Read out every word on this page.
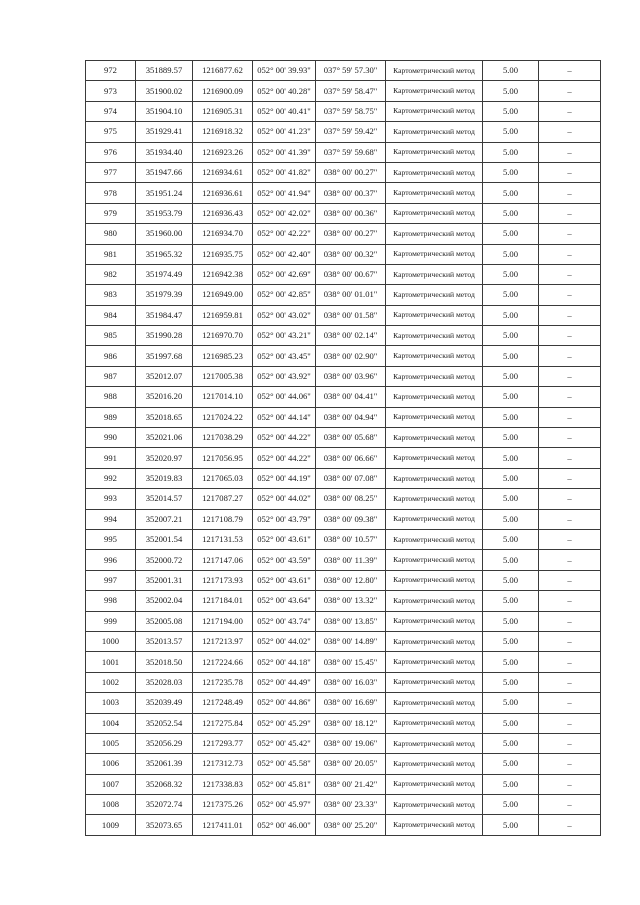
972	351889.57	1216877.62	052° 00' 39.93"	037° 59' 57.30"	Картометрический метод	5.00	–
973	351900.02	1216900.09	052° 00' 40.28"	037° 59' 58.47"	Картометрический метод	5.00	–
974	351904.10	1216905.31	052° 00' 40.41"	037° 59' 58.75"	Картометрический метод	5.00	–
975	351929.41	1216918.32	052° 00' 41.23"	037° 59' 59.42"	Картометрический метод	5.00	–
976	351934.40	1216923.26	052° 00' 41.39"	037° 59' 59.68"	Картометрический метод	5.00	–
977	351947.66	1216934.61	052° 00' 41.82"	038° 00' 00.27"	Картометрический метод	5.00	–
978	351951.24	1216936.61	052° 00' 41.94"	038° 00' 00.37"	Картометрический метод	5.00	–
979	351953.79	1216936.43	052° 00' 42.02"	038° 00' 00.36"	Картометрический метод	5.00	–
980	351960.00	1216934.70	052° 00' 42.22"	038° 00' 00.27"	Картометрический метод	5.00	–
981	351965.32	1216935.75	052° 00' 42.40"	038° 00' 00.32"	Картометрический метод	5.00	–
982	351974.49	1216942.38	052° 00' 42.69"	038° 00' 00.67"	Картометрический метод	5.00	–
983	351979.39	1216949.00	052° 00' 42.85"	038° 00' 01.01"	Картометрический метод	5.00	–
984	351984.47	1216959.81	052° 00' 43.02"	038° 00' 01.58"	Картометрический метод	5.00	–
985	351990.28	1216970.70	052° 00' 43.21"	038° 00' 02.14"	Картометрический метод	5.00	–
986	351997.68	1216985.23	052° 00' 43.45"	038° 00' 02.90"	Картометрический метод	5.00	–
987	352012.07	1217005.38	052° 00' 43.92"	038° 00' 03.96"	Картометрический метод	5.00	–
988	352016.20	1217014.10	052° 00' 44.06"	038° 00' 04.41"	Картометрический метод	5.00	–
989	352018.65	1217024.22	052° 00' 44.14"	038° 00' 04.94"	Картометрический метод	5.00	–
990	352021.06	1217038.29	052° 00' 44.22"	038° 00' 05.68"	Картометрический метод	5.00	–
991	352020.97	1217056.95	052° 00' 44.22"	038° 00' 06.66"	Картометрический метод	5.00	–
992	352019.83	1217065.03	052° 00' 44.19"	038° 00' 07.08"	Картометрический метод	5.00	–
993	352014.57	1217087.27	052° 00' 44.02"	038° 00' 08.25"	Картометрический метод	5.00	–
994	352007.21	1217108.79	052° 00' 43.79"	038° 00' 09.38"	Картометрический метод	5.00	–
995	352001.54	1217131.53	052° 00' 43.61"	038° 00' 10.57"	Картометрический метод	5.00	–
996	352000.72	1217147.06	052° 00' 43.59"	038° 00' 11.39"	Картометрический метод	5.00	–
997	352001.31	1217173.93	052° 00' 43.61"	038° 00' 12.80"	Картометрический метод	5.00	–
998	352002.04	1217184.01	052° 00' 43.64"	038° 00' 13.32"	Картометрический метод	5.00	–
999	352005.08	1217194.00	052° 00' 43.74"	038° 00' 13.85"	Картометрический метод	5.00	–
1000	352013.57	1217213.97	052° 00' 44.02"	038° 00' 14.89"	Картометрический метод	5.00	–
1001	352018.50	1217224.66	052° 00' 44.18"	038° 00' 15.45"	Картометрический метод	5.00	–
1002	352028.03	1217235.78	052° 00' 44.49"	038° 00' 16.03"	Картометрический метод	5.00	–
1003	352039.49	1217248.49	052° 00' 44.86"	038° 00' 16.69"	Картометрический метод	5.00	–
1004	352052.54	1217275.84	052° 00' 45.29"	038° 00' 18.12"	Картометрический метод	5.00	–
1005	352056.29	1217293.77	052° 00' 45.42"	038° 00' 19.06"	Картометрический метод	5.00	–
1006	352061.39	1217312.73	052° 00' 45.58"	038° 00' 20.05"	Картометрический метод	5.00	–
1007	352068.32	1217338.83	052° 00' 45.81"	038° 00' 21.42"	Картометрический метод	5.00	–
1008	352072.74	1217375.26	052° 00' 45.97"	038° 00' 23.33"	Картометрический метод	5.00	–
1009	352073.65	1217411.01	052° 00' 46.00"	038° 00' 25.20"	Картометрический метод	5.00	–
